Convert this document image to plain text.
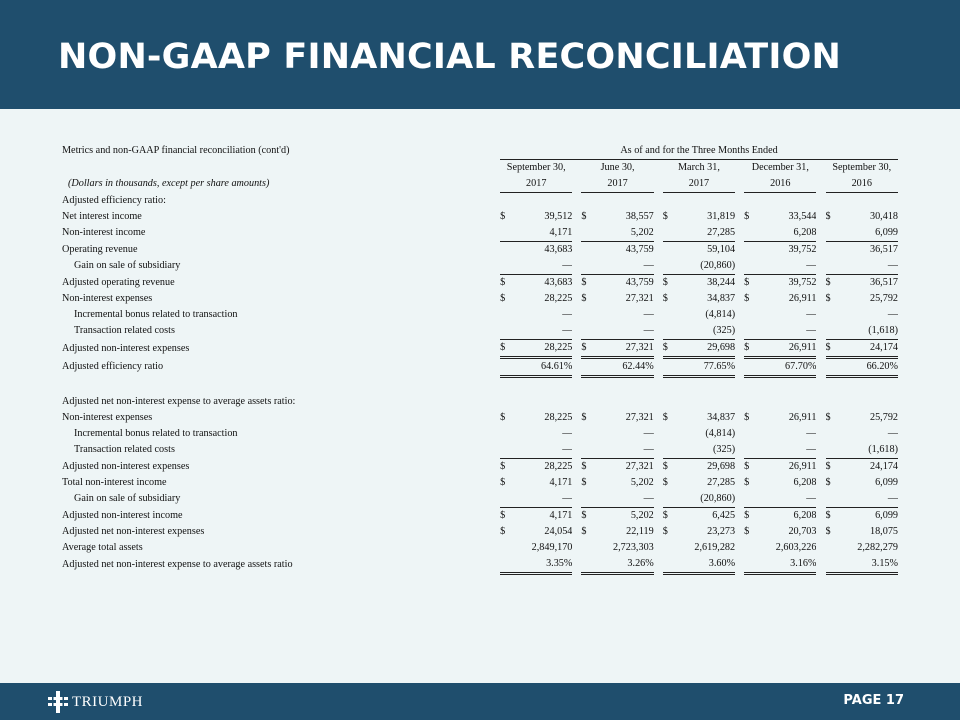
NON-GAAP FINANCIAL RECONCILIATION
Metrics and non-GAAP financial reconciliation (cont'd)	As of and for the Three Months Ended								
	September 30,		June 30,		March 31,		December 31,		September 30,
(Dollars in thousands, except per share amounts)	2017		2017		2017		2016		2016
Adjusted efficiency ratio:									
Net interest income	$ 39,512		$ 38,557		$ 31,819		$ 33,544		$ 30,418
Non-interest income	4,171		5,202		27,285		6,208		6,099
Operating revenue	43,683		43,759		59,104		39,752		36,517
Gain on sale of subsidiary	—		—		(20,860)		—		—
Adjusted operating revenue	$ 43,683		$ 43,759		$ 38,244		$ 39,752		$ 36,517
Non-interest expenses	$ 28,225		$ 27,321		$ 34,837		$ 26,911		$ 25,792
Incremental bonus related to transaction	—		—		(4,814)		—		—
Transaction related costs	—		—		(325)		—		(1,618)
Adjusted non-interest expenses	$ 28,225		$ 27,321		$ 29,698		$ 26,911		$ 24,174
Adjusted efficiency ratio	64.61%		62.44%		77.65%		67.70%		66.20%

Adjusted net non-interest expense to average assets ratio:									
Non-interest expenses	$ 28,225		$ 27,321		$ 34,837		$ 26,911		$ 25,792
Incremental bonus related to transaction	—		—		(4,814)		—		—
Transaction related costs	—		—		(325)		—		(1,618)
Adjusted non-interest expenses	$ 28,225		$ 27,321		$ 29,698		$ 26,911		$ 24,174
Total non-interest income	$ 4,171		$ 5,202		$ 27,285		$ 6,208		$ 6,099
Gain on sale of subsidiary	—		—		(20,860)		—		—
Adjusted non-interest income	$ 4,171		$ 5,202		$ 6,425		$ 6,208		$ 6,099
Adjusted net non-interest expenses	$ 24,054		$ 22,119		$ 23,273		$ 20,703		$ 18,075
Average total assets	2,849,170		2,723,303		2,619,282		2,603,226		2,282,279
Adjusted net non-interest expense to average assets ratio	3.35%		3.26%		3.60%		3.16%		3.15%
TRIUMPH	PAGE 17
